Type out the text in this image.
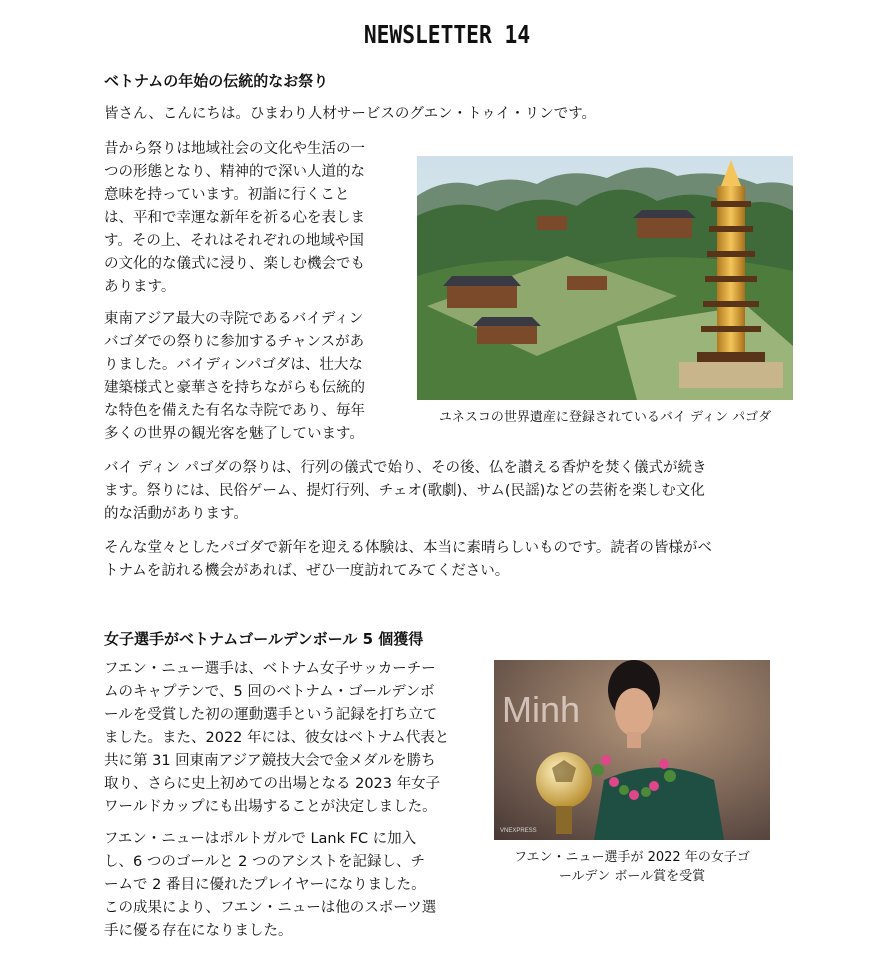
NEWSLETTER 14
ベトナムの年始の伝統的なお祭り
皆さん、こんにちは。ひまわり人材サービスのグエン・トゥイ・リンです。
昔から祭りは地域社会の文化や生活の一
つの形態となり、精神的で深い人道的な
意味を持っています。初詣に行くこと
は、平和で幸運な新年を祈る心を表しま
す。その上、それはそれぞれの地域や国
の文化的な儀式に浸り、楽しむ機会でも
あります。
東南アジア最大の寺院であるバイディン
バゴダでの祭りに参加するチャンスがあ
りました。バイディンパゴダは、壮大な
建築様式と豪華さを持ちながらも伝統的
な特色を備えた有名な寺院であり、毎年
多くの世界の観光客を魅了しています。
ユネスコの世界遺産に登録されているバイ ディン パゴダ
バイ ディン パゴダの祭りは、行列の儀式で始り、その後、仏を讃える香炉を焚く儀式が続き
ます。祭りには、民俗ゲーム、提灯行列、チェオ(歌劇)、サム(民謡)などの芸術を楽しむ文化
的な活動があります。
そんな堂々としたパゴダで新年を迎える体験は、本当に素晴らしいものです。読者の皆様がベ
トナムを訪れる機会があれば、ぜひ一度訪れてみてください。
女子選手がベトナムゴールデンボール 5 個獲得
フエン・ニュー選手は、ベトナム女子サッカーチー
ムのキャプテンで、5 回のベトナム・ゴールデンボ
ールを受賞した初の運動選手という記録を打ち立て
ました。また、2022 年には、彼女はベトナム代表と
共に第 31 回東南アジア競技大会で金メダルを勝ち
取り、さらに史上初めての出場となる 2023 年女子
ワールドカップにも出場することが決定しました。
フエン・ニューはポルトガルで Lank FC に加入
し、6 つのゴールと 2 つのアシストを記録し、チ
ームで 2 番目に優れたプレイヤーになりました。
この成果により、フエン・ニューは他のスポーツ選
手に優る存在になりました。
Minh
VNEXPRESS
フエン・ニュー選手が 2022 年の女子ゴ
ールデン ボール賞を受賞
